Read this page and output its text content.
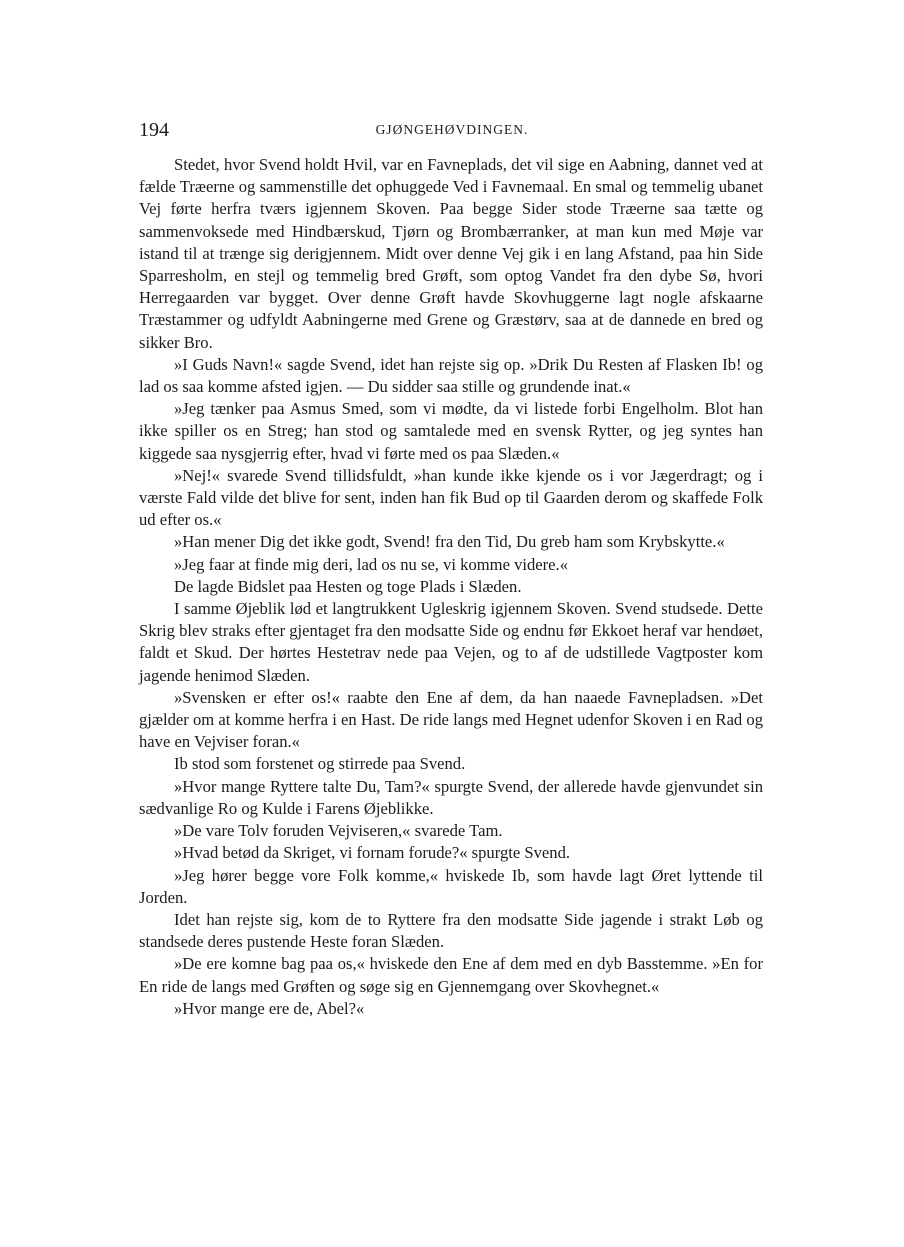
194	GJØNGEHØVDINGEN.

Stedet, hvor Svend holdt Hvil, var en Favneplads, det vil sige en Aabning, dannet ved at fælde Træerne og sammenstille det ophuggede Ved i Favnemaal. En smal og temmelig ubanet Vej førte herfra tværs igjennem Skoven. Paa begge Sider stode Træerne saa tætte og sammenvoksede med Hindbærskud, Tjørn og Brombærranker, at man kun med Møje var istand til at trænge sig derigjennem. Midt over denne Vej gik i en lang Afstand, paa hin Side Sparresholm, en stejl og temmelig bred Grøft, som optog Vandet fra den dybe Sø, hvori Herregaarden var bygget. Over denne Grøft havde Skovhuggerne lagt nogle afskaarne Træstammer og udfyldt Aabningerne med Grene og Græstørv, saa at de dannede en bred og sikker Bro.

»I Guds Navn!« sagde Svend, idet han rejste sig op. »Drik Du Resten af Flasken Ib! og lad os saa komme afsted igjen. — Du sidder saa stille og grundende inat.«

»Jeg tænker paa Asmus Smed, som vi mødte, da vi listede forbi Engelholm. Blot han ikke spiller os en Streg; han stod og samtalede med en svensk Rytter, og jeg syntes han kiggede saa nysgjerrig efter, hvad vi førte med os paa Slæden.«

»Nej!« svarede Svend tillidsfuldt, »han kunde ikke kjende os i vor Jægerdragt; og i værste Fald vilde det blive for sent, inden han fik Bud op til Gaarden derom og skaffede Folk ud efter os.«

»Han mener Dig det ikke godt, Svend! fra den Tid, Du greb ham som Krybskytte.«

»Jeg faar at finde mig deri, lad os nu se, vi komme videre.«

De lagde Bidslet paa Hesten og toge Plads i Slæden.

I samme Øjeblik lød et langtrukkent Ugleskrig igjennem Skoven. Svend studsede. Dette Skrig blev straks efter gjentaget fra den modsatte Side og endnu før Ekkoet heraf var hendøet, faldt et Skud. Der hørtes Hestetrav nede paa Vejen, og to af de udstillede Vagtposter kom jagende henimod Slæden.

»Svensken er efter os!« raabte den Ene af dem, da han naaede Favnepladsen. »Det gjælder om at komme herfra i en Hast. De ride langs med Hegnet udenfor Skoven i en Rad og have en Vejviser foran.«

Ib stod som forstenet og stirrede paa Svend.

»Hvor mange Ryttere talte Du, Tam?« spurgte Svend, der allerede havde gjenvundet sin sædvanlige Ro og Kulde i Farens Øjeblikke.

»De vare Tolv foruden Vejviseren,« svarede Tam.

»Hvad betød da Skriget, vi fornam forude?« spurgte Svend.

»Jeg hører begge vore Folk komme,« hviskede Ib, som havde lagt Øret lyttende til Jorden.

Idet han rejste sig, kom de to Ryttere fra den modsatte Side jagende i strakt Løb og standsede deres pustende Heste foran Slæden.

»De ere komne bag paa os,« hviskede den Ene af dem med en dyb Basstemme. »En for En ride de langs med Grøften og søge sig en Gjennemgang over Skovhegnet.«

»Hvor mange ere de, Abel?«
